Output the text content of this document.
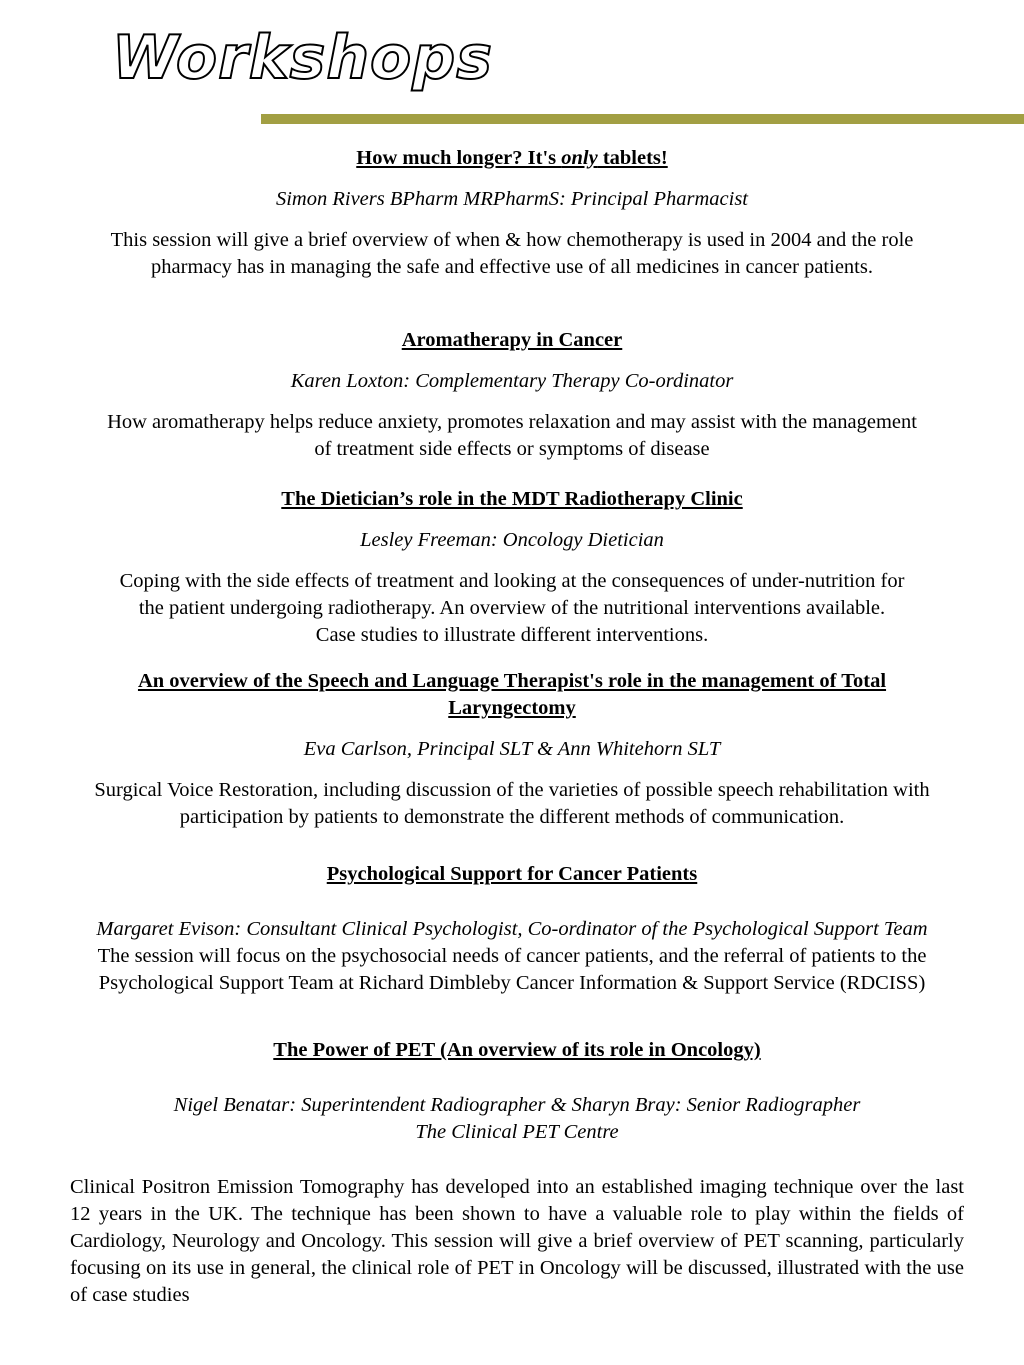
Workshops

How much longer? It's only tablets!

Simon Rivers BPharm MRPharmS: Principal Pharmacist

This session will give a brief overview of when & how chemotherapy is used in 2004 and the role pharmacy has in managing the safe and effective use of all medicines in cancer patients.

Aromatherapy in Cancer

Karen Loxton: Complementary Therapy Co-ordinator

How aromatherapy helps reduce anxiety, promotes relaxation and may assist with the management of treatment side effects or symptoms of disease

The Dietician’s role in the MDT Radiotherapy Clinic

Lesley Freeman: Oncology Dietician

Coping with the side effects of treatment and looking at the consequences of under-nutrition for the patient undergoing radiotherapy. An overview of the nutritional interventions available. Case studies to illustrate different interventions.

An overview of the Speech and Language Therapist's role in the management of Total Laryngectomy

Eva Carlson, Principal SLT & Ann Whitehorn SLT

Surgical Voice Restoration, including discussion of the varieties of possible speech rehabilitation with participation by patients to demonstrate the different methods of communication.

Psychological Support for Cancer Patients

Margaret Evison: Consultant Clinical Psychologist, Co-ordinator of the Psychological Support Team

The session will focus on the psychosocial needs of cancer patients, and the referral of patients to the Psychological Support Team at Richard Dimbleby Cancer Information & Support Service (RDCISS)

The Power of PET (An overview of its role in Oncology)

Nigel Benatar: Superintendent Radiographer & Sharyn Bray: Senior Radiographer

The Clinical PET Centre

Clinical Positron Emission Tomography has developed into an established imaging technique over the last 12 years in the UK. The technique has been shown to have a valuable role to play within the fields of Cardiology, Neurology and Oncology. This session will give a brief overview of PET scanning, particularly focusing on its use in general, the clinical role of PET in Oncology will be discussed, illustrated with the use of case studies
